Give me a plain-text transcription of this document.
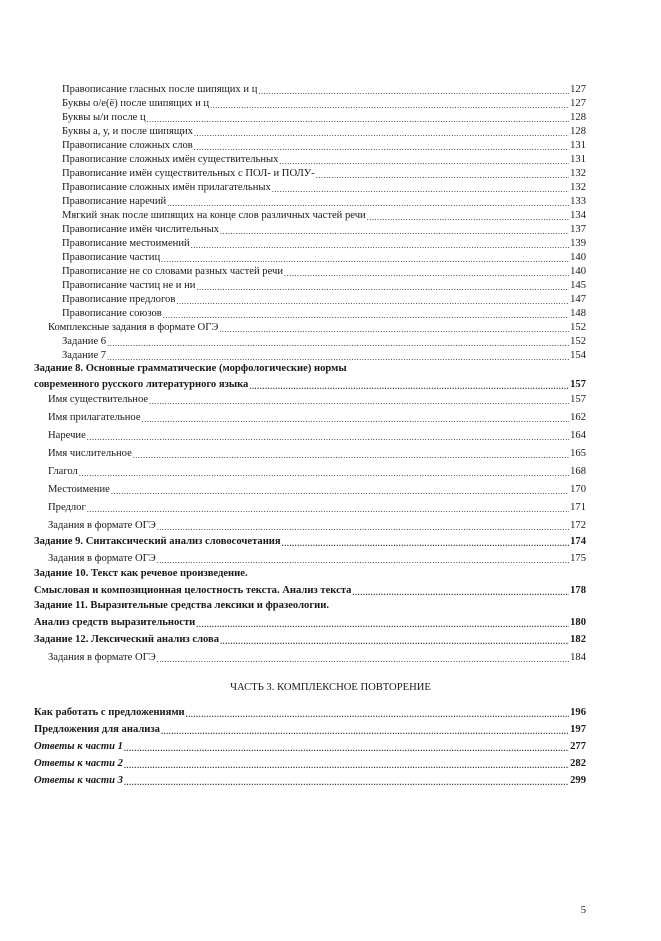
Правописание гласных после шипящих и ц .....	127
Буквы о/е(ё) после шипящих и ц .....	127
Буквы ы/и после ц .....	128
Буквы а, у, и после шипящих .....	128
Правописание сложных слов .....	131
Правописание сложных имён существительных .....	131
Правописание имён существительных с ПОЛ- и ПОЛУ- .....	132
Правописание сложных имён прилагательных .....	132
Правописание наречий .....	133
Мягкий знак после шипящих на конце слов различных частей речи .....	134
Правописание имён числительных .....	137
Правописание местоимений .....	139
Правописание частиц .....	140
Правописание не со словами разных частей речи .....	140
Правописание частиц не и ни .....	145
Правописание предлогов .....	147
Правописание союзов .....	148
Комплексные задания в формате ОГЭ .....	152
Задание 6 .....	152
Задание 7 .....	154
Задание 8. Основные грамматические (морфологические) нормы
современного русского литературного языка .....	157
Имя существительное .....	157
Имя прилагательное .....	162
Наречие .....	164
Имя числительное .....	165
Глагол .....	168
Местоимение .....	170
Предлог .....	171
Задания в формате ОГЭ .....	172
Задание 9. Синтаксический анализ словосочетания .....	174
Задания в формате ОГЭ .....	175
Задание 10. Текст как речевое произведение.
Смысловая и композиционная целостность текста. Анализ текста .....	178
Задание 11. Выразительные средства лексики и фразеологии.
Анализ средств выразительности .....	180
Задание 12. Лексический анализ слова .....	182
Задания в формате ОГЭ .....	184
ЧАСТЬ 3. КОМПЛЕКСНОЕ ПОВТОРЕНИЕ
Как работать с предложениями .....	196
Предложения для анализа .....	197
Ответы к части 1 .....	277
Ответы к части 2 .....	282
Ответы к части 3 .....	299
5
